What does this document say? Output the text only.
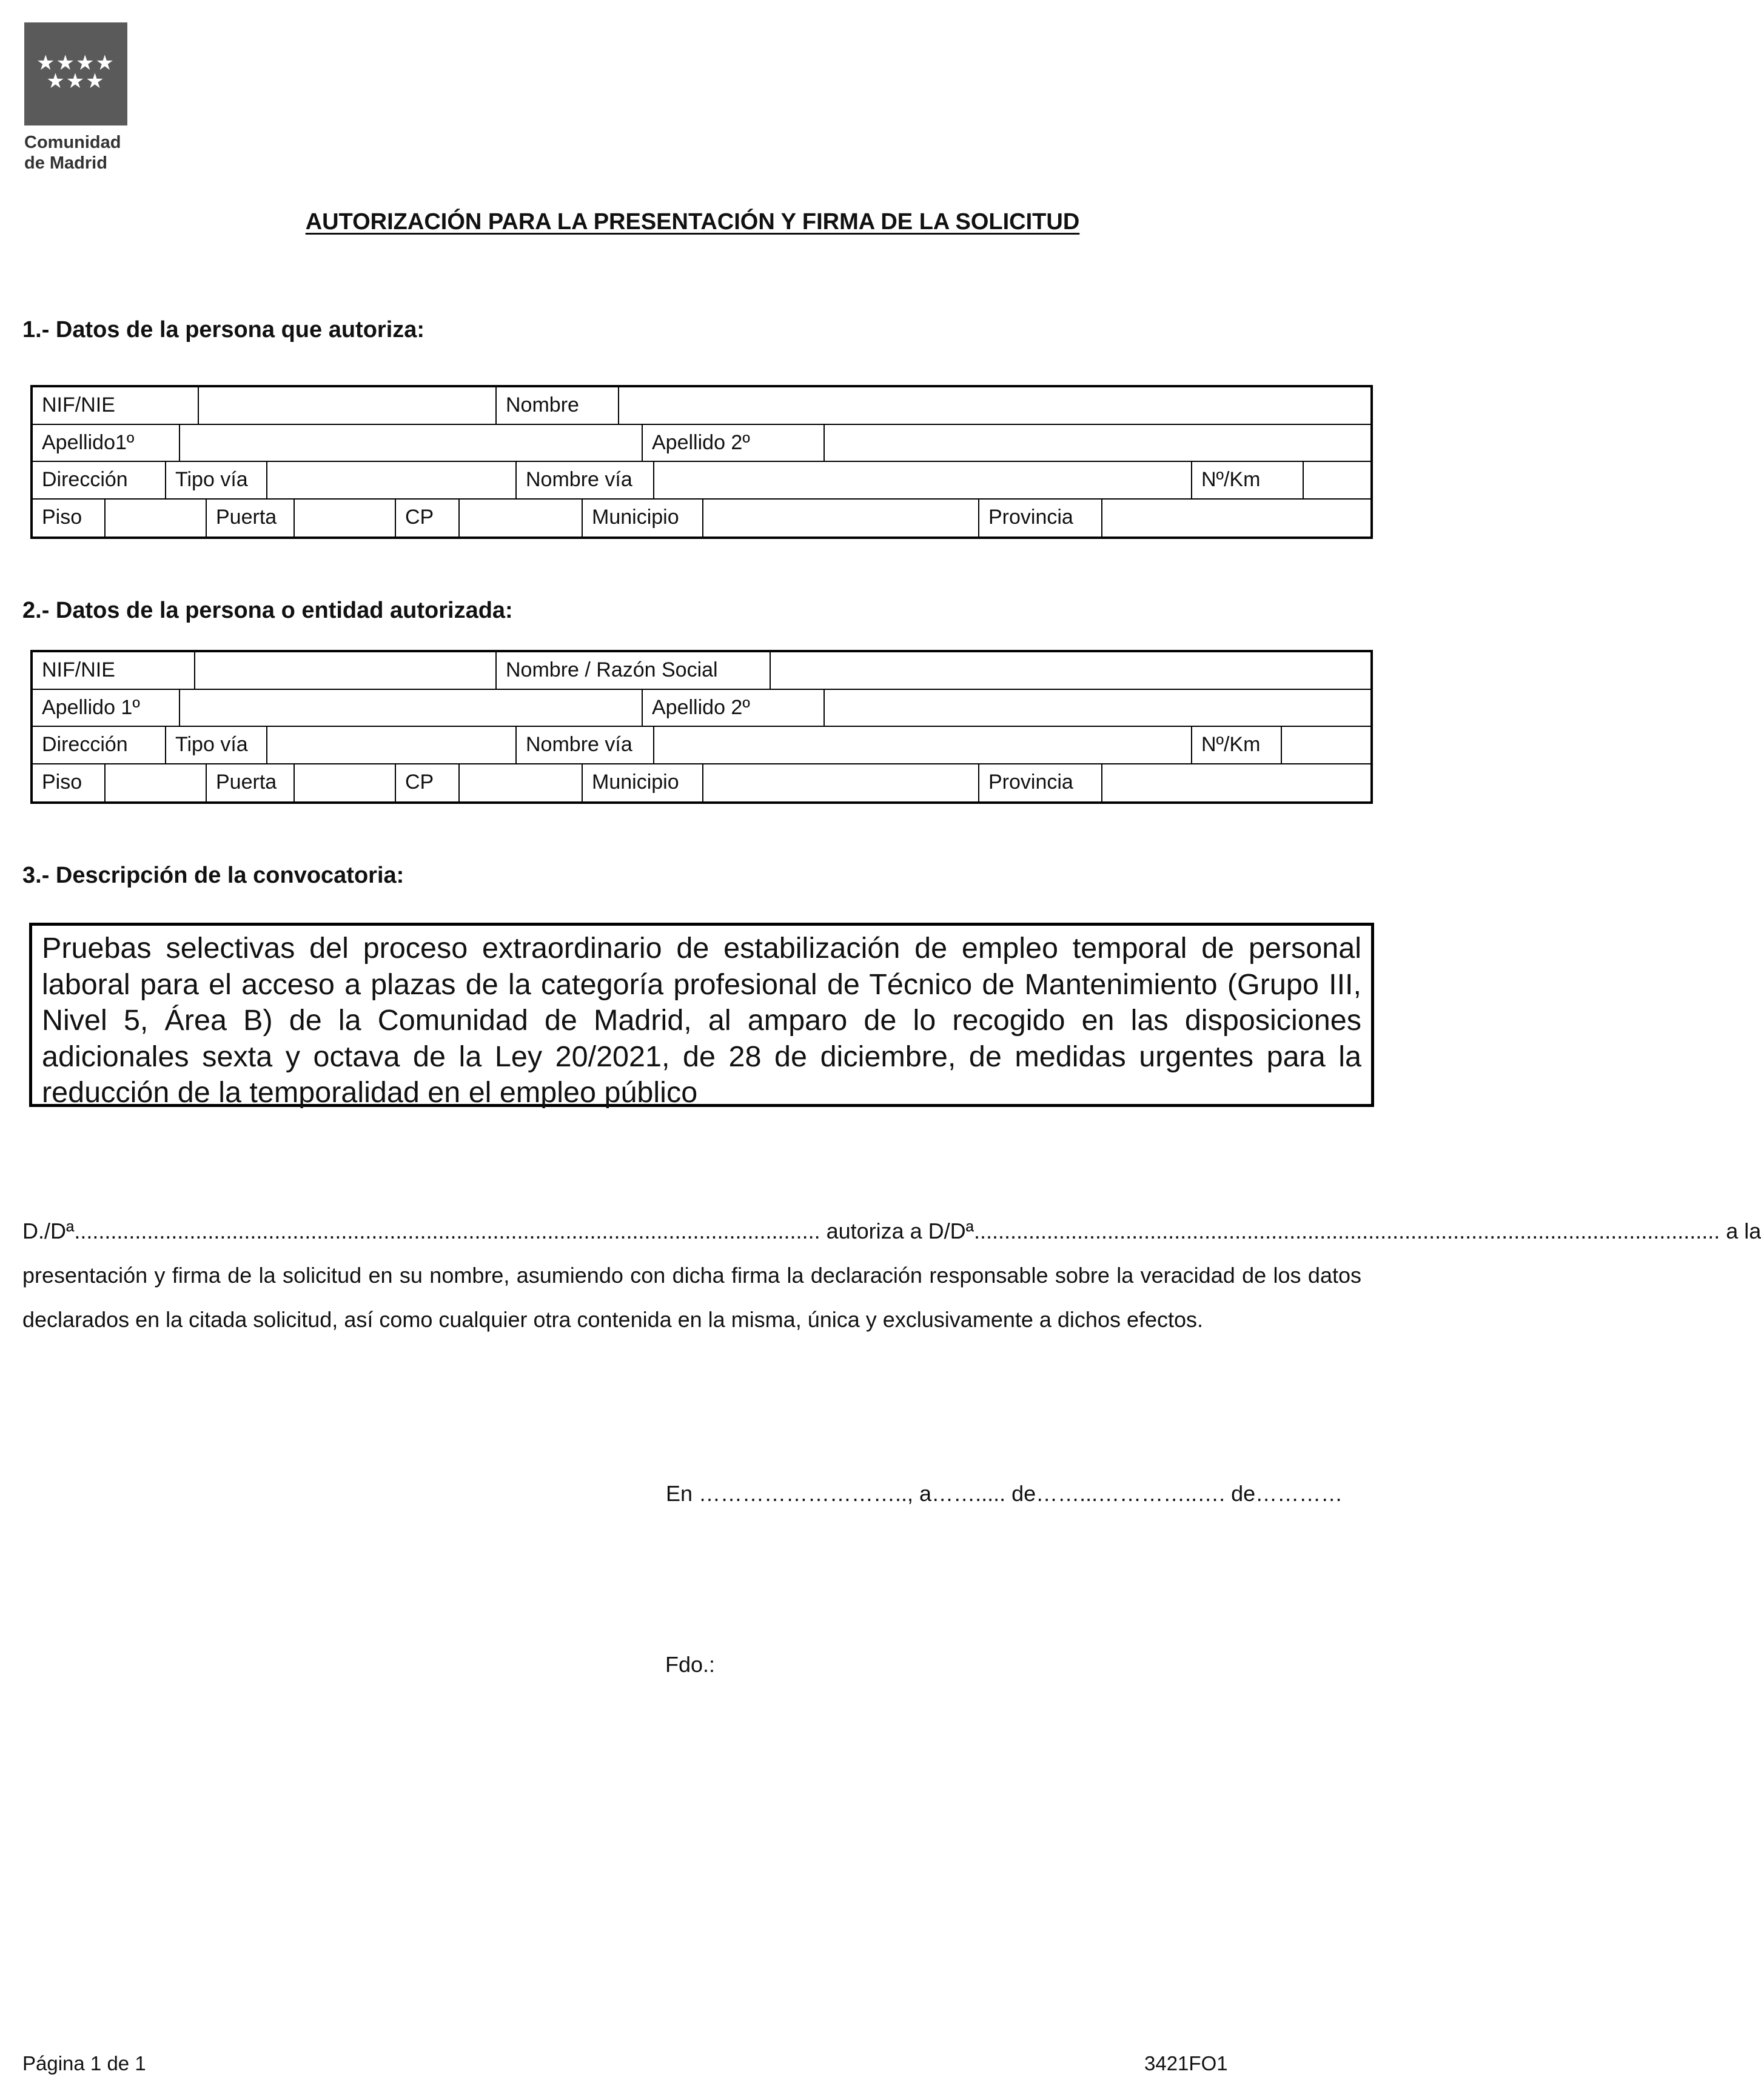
★★★★
★★★
Comunidad
de Madrid
AUTORIZACIÓN PARA LA PRESENTACIÓN Y FIRMA DE LA SOLICITUD
1.- Datos de la persona que autoriza:
NIF/NIE	Nombre
Apellido1º	Apellido 2º
Dirección	Tipo vía	Nombre vía	Nº/Km
Piso	Puerta	CP	Municipio	Provincia
2.- Datos de la persona o entidad autorizada:
NIF/NIE	Nombre / Razón Social
Apellido 1º	Apellido 2º
Dirección	Tipo vía	Nombre vía	Nº/Km
Piso	Puerta	CP	Municipio	Provincia
3.- Descripción de la convocatoria:
Pruebas selectivas del proceso extraordinario de estabilización de empleo temporal de personal laboral para el acceso a plazas de la categoría profesional de Técnico de Mantenimiento (Grupo III, Nivel 5, Área B) de la Comunidad de Madrid, al amparo de lo recogido en las disposiciones adicionales sexta y octava de la Ley 20/2021, de 28 de diciembre, de medidas urgentes para la reducción de la temporalidad en el empleo público
D./Dª ........................................................................................................................... autoriza a D/Dª ........................................................................................................................... a la
presentación y firma de la solicitud en su nombre, asumiendo con dicha firma la declaración responsable sobre la veracidad de los datos declarados en la citada solicitud, así como cualquier otra contenida en la misma, única y exclusivamente a dichos efectos.
En ……………………….., a……..... de……...…………..…. de…………
Fdo.:
Página 1 de 1	3421FO1
